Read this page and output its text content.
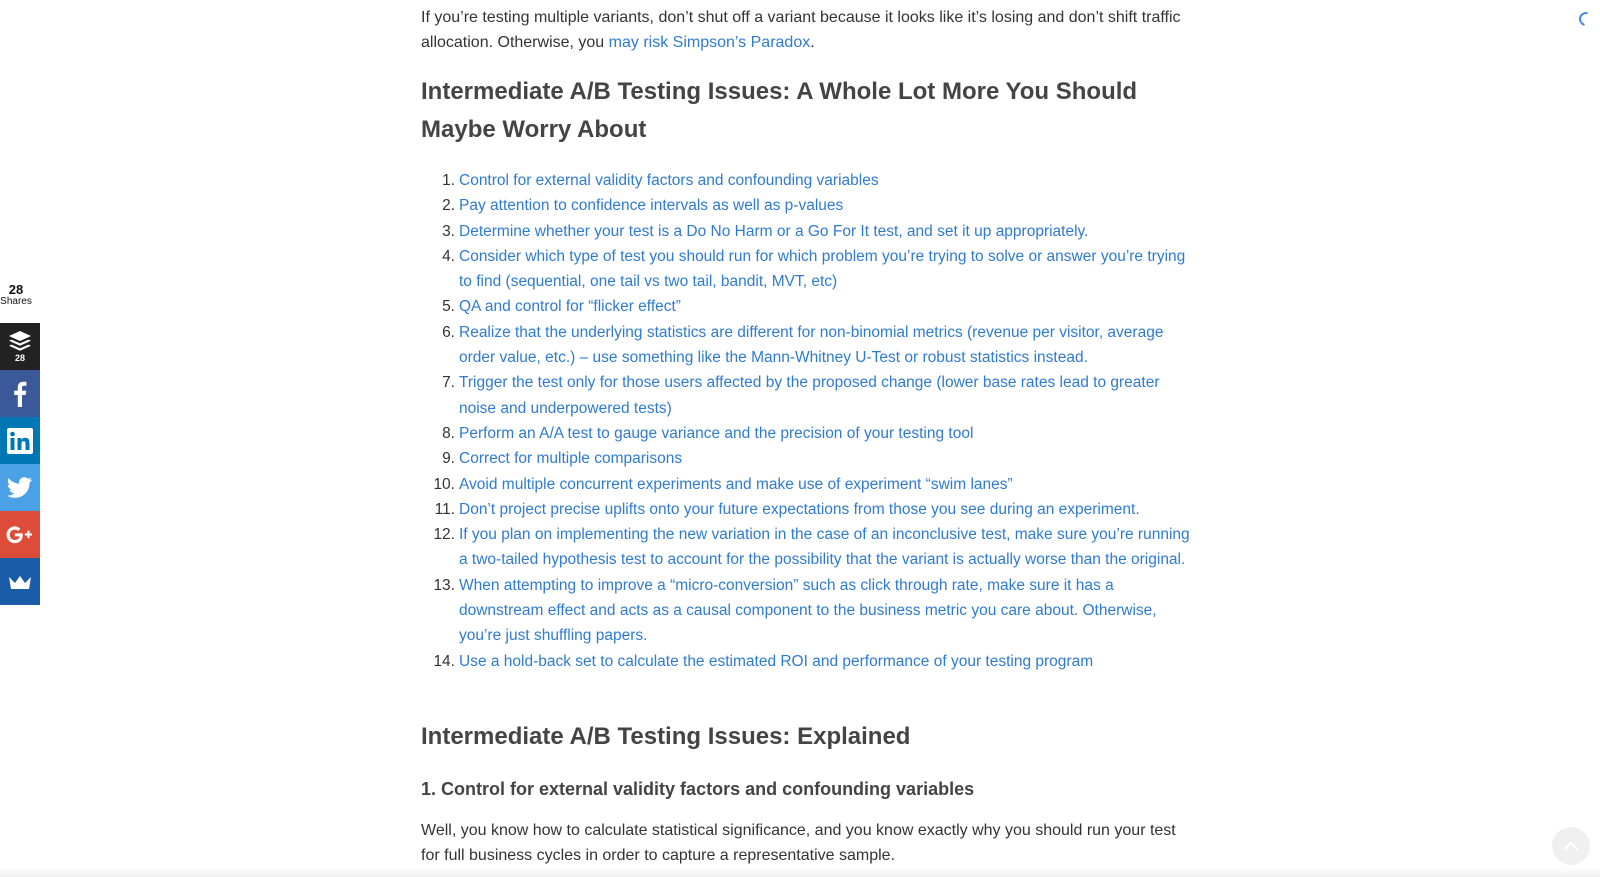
28
Shares
28

If you’re testing multiple variants, don’t shut off a variant because it looks like it’s losing and don’t shift traffic allocation. Otherwise, you may risk Simpson’s Paradox.

Intermediate A/B Testing Issues: A Whole Lot More You Should Maybe Worry About
1. Control for external validity factors and confounding variables
2. Pay attention to confidence intervals as well as p-values
3. Determine whether your test is a Do No Harm or a Go For It test, and set it up appropriately.
4. Consider which type of test you should run for which problem you’re trying to solve or answer you’re trying to find (sequential, one tail vs two tail, bandit, MVT, etc)
5. QA and control for “flicker effect”
6. Realize that the underlying statistics are different for non-binomial metrics (revenue per visitor, average order value, etc.) – use something like the Mann-Whitney U-Test or robust statistics instead.
7. Trigger the test only for those users affected by the proposed change (lower base rates lead to greater noise and underpowered tests)
8. Perform an A/A test to gauge variance and the precision of your testing tool
9. Correct for multiple comparisons
10. Avoid multiple concurrent experiments and make use of experiment “swim lanes”
11. Don’t project precise uplifts onto your future expectations from those you see during an experiment.
12. If you plan on implementing the new variation in the case of an inconclusive test, make sure you’re running a two-tailed hypothesis test to account for the possibility that the variant is actually worse than the original.
13. When attempting to improve a “micro-conversion” such as click through rate, make sure it has a downstream effect and acts as a causal component to the business metric you care about. Otherwise, you’re just shuffling papers.
14. Use a hold-back set to calculate the estimated ROI and performance of your testing program
Intermediate A/B Testing Issues: Explained
1. Control for external validity factors and confounding variables

Well, you know how to calculate statistical significance, and you know exactly why you should run your test for full business cycles in order to capture a representative sample.
